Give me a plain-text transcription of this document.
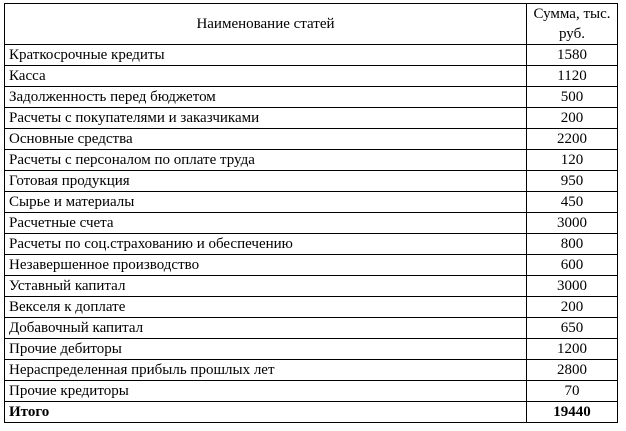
Наименование статей	Сумма, тыс. руб.
Краткосрочные кредиты	1580
Касса	1120
Задолженность перед бюджетом	500
Расчеты с покупателями и заказчиками	200
Основные средства	2200
Расчеты с персоналом по оплате труда	120
Готовая продукция	950
Сырье и материалы	450
Расчетные счета	3000
Расчеты по соц.страхованию и обеспечению	800
Незавершенное производство	600
Уставный капитал	3000
Векселя к доплате	200
Добавочный капитал	650
Прочие дебиторы	1200
Нераспределенная прибыль прошлых лет	2800
Прочие кредиторы	70
Итого	19440
